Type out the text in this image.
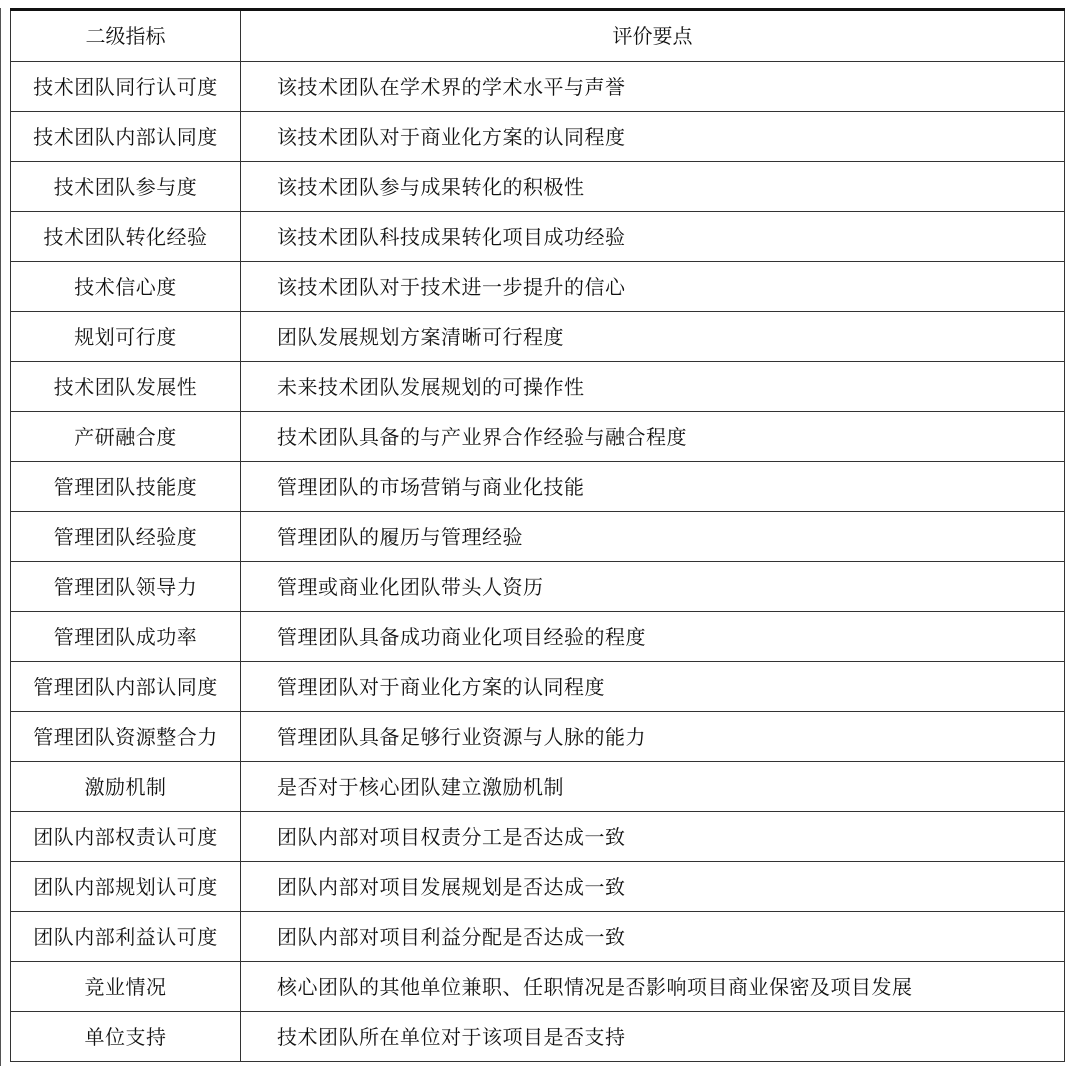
二级指标	评价要点
技术团队同行认可度	该技术团队在学术界的学术水平与声誉
技术团队内部认同度	该技术团队对于商业化方案的认同程度
技术团队参与度	该技术团队参与成果转化的积极性
技术团队转化经验	该技术团队科技成果转化项目成功经验
技术信心度	该技术团队对于技术进一步提升的信心
规划可行度	团队发展规划方案清晰可行程度
技术团队发展性	未来技术团队发展规划的可操作性
产研融合度	技术团队具备的与产业界合作经验与融合程度
管理团队技能度	管理团队的市场营销与商业化技能
管理团队经验度	管理团队的履历与管理经验
管理团队领导力	管理或商业化团队带头人资历
管理团队成功率	管理团队具备成功商业化项目经验的程度
管理团队内部认同度	管理团队对于商业化方案的认同程度
管理团队资源整合力	管理团队具备足够行业资源与人脉的能力
激励机制	是否对于核心团队建立激励机制
团队内部权责认可度	团队内部对项目权责分工是否达成一致
团队内部规划认可度	团队内部对项目发展规划是否达成一致
团队内部利益认可度	团队内部对项目利益分配是否达成一致
竞业情况	核心团队的其他单位兼职、任职情况是否影响项目商业保密及项目发展
单位支持	技术团队所在单位对于该项目是否支持
